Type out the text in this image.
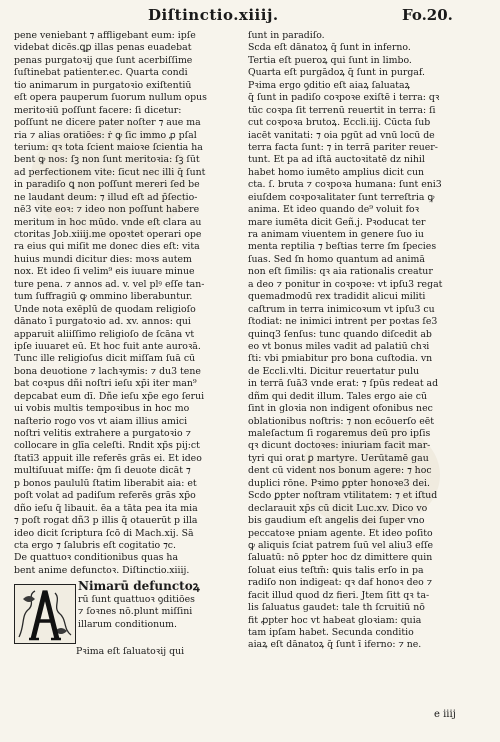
Diſtinctio.xiiij.	Fo.20.
pene veniebant ⁊ affligebant eum: ipſe
videbat dicēs.ꝗꝑ illas penas euadebat
penas purgatoꝛij que ſunt acerbiſſime
ſuſtinebat patienter.ec. Quarta condi
tio animarum in purgatoꝛio exiſtentiū
eſt opera pauperum ſuorum nullum opus
meritoꝛiū poſſunt facere: ſi dicetur:
poſſunt ne dicere pater noſter ⁊ aue ma
ria ⁊ alias oratiōes: ṙ ꝙ ſic immo ꝓ pſal
terium: qꝛ tota ſcient maioꝛe ſcientia ha
bent ꝙ nos: ſꝫ non ſunt meritoꝛia: ſꝫ ſūt
ad perfectionem vite: ſicut nec illi q̄ ſunt
in paradiſo ꝗ non poſſunt mereri ſed be
ne laudant deum: ⁊ illud eſt ad p̄ſectio-
nē3 vite eoꝛ: ⁊ ideo non poſſunt habere
meritum in hoc mūdo. vnde eſt clara au
ctoritas Job.xiiij.me opoꝛtet operari ope
ra eius qui miſit me donec dies eſt: vita
huius mundi dicitur dies: moꝛs autem
nox. Et ideo ſi velim⁹ eis iuuare minue
ture pena. ⁊ annos ad. v. vel plꝰ eſſe tan-
tum ſuffragiū ꝙ ommino liberabuntur.
Unde nota exēplū de quodam religioſo
dānato ī purgatoꝛio ad. xv. annos: qui
apparuit aliiſſimo religioſo de ſcāna vt
ipſe iuuaret eū. Et hoc fuit ante auroꝛā.
Tunc ille religioſus dicit miſſam ſuā cū
bona deuotione ⁊ lachꝛymis: ⁊ du3 tene
bat coꝛpus dñi noſtri ieſu xp̄i iter man⁹
depcabat eum dī. Dñe ieſu xp̄e ego ſerui
ui vobis multis tempoꝛibus in hoc mo
naſterio rogo vos vt aiam illius amici
noſtri velitis extrahere a purgatoꝛio ⁊
collocare in glīa celeſti. Rndit xp̄s pij:ct
ſtatī3 appuit ille referēs grās ei. Et ideo
multiſuuat miſſe: q̄m ſi deuote dicāt ⁊
p bonos paululū ſtatim liberabit aia: et
poſt volat ad padiſum referēs grās xp̄o
dño ieſu q̄ libauit. ēa a tāta pea ita mia
⁊ poſt rogat dñ3 p illis q̄ otauerūt p illa
ideo dicit ſcriptura ſcō di Mach.xij. Sā
cta ergo ⁊ ſalubris eſt cogitatio ⁊c.
De quattuoꝛ conditionibus quas ha
bent anime defunctoꝛ. Diſtinctio.xiiij.
Nimarū defunctoꝝ
rū ſunt quattuoꝛ ꝯditiōes
⁊ ſoꝛnes nō.plunt miſſini
illarum conditionum.
Pꝛima eſt ſaluatoꝛij qui
ſunt in paradiſo.
Scda eſt dānatoꝝ q̄ ſunt in inferno.
Tertia eſt pueroꝝ qui ſunt in limbo.
Quarta eſt purgādoꝝ q̄ ſunt in purgaf.
Pꝛima ergo ꝯditio eſt aiaꝝ ſaluataꝝ
q̄ ſunt in padiſo coꝛpoꝛe exiſtē i terra: qꝛ
tūc coꝛpa ſit terrenū reuertit in terra: ſi
cut coꝛpoꝛa brutoꝝ. Eccli.iij. Cūcta ſub
iacēt vanitati: ⁊ oia pgūt ad vnū locū de
terra facta ſunt: ⁊ in terrā pariter reuer-
tunt. Et pa ad iſtā auctoꝛitatē dz nihil
habet homo iumēto amplius dicit cun
cta. ſ. bruta ⁊ coꝛpoꝛa humana: ſunt eni3
eiuſdem coꝛpoꝛalitater ſunt terreſtria ꝙ
anima. Et ideo quando de⁹ voluit foꝛ
mare iumēta dicit Geñ.j. Pꝛoducat ter
ra animam viuentem in genere ſuo iu
menta reptilia ⁊ beſtias terre ſm ſpecies
ſuas. Sed ſn homo quantum ad animā
non eſt ſimilis: qꝛ aia rationalis creatur
a deo ⁊ ponitur in coꝛpoꝛe: vt ipſu3 regat
quemadmodū rex tradidit alicui militi
caſtrum in terra inimicoꝛum vt ipſu3 cu
ſtodiat: ne inimici intrent per poꝛtas ſe3
quinq3 ſenſus: tunc quando diſcedit ab
eo vt bonus miles vadit ad palatiū chꝛi
ſti: vbi pmiabitur pro bona cuſtodia. vn
de Eccli.vlti. Dicitur reuertatur pulu
in terrā ſuā3 vnde erat: ⁊ ſpūs redeat ad
dñm qui dedit illum. Tales ergo aie cū
ſint in gloꝛia non indigent ofonibus nec
oblationibus noſtris: ⁊ non ecōuerſo eēt
maleſactum ſi rogaremus deū pro ipſis
qꝛ dicunt doctoꝛes: iniuriam facit mar-
tyri qui orat ꝑ martyre. Uerūtamē gau
dent cū vident nos bonum agere: ⁊ hoc
duplici rōne. Pꝛimo ꝑpter honoꝛe3 dei.
Scdo ꝑpter noſtram vtilitatem: ⁊ et iſtud
declarauit xp̄s cū dicit Luc.xv. Dico vo
bis gaudium eſt angelis dei ſuper vno
peccatoꝛe pniam agente. Et ideo poſito
ꝙ aliquis ſciat patrem ſuū vel aliu3 eſſe
ſaluatū: nō ꝑpter hoc dz dimittere quin
ſoluat eius teſtm̄: ꝗuis talis erſo in pa
radiſo non indigeat: qꝛ daf honoꝛ deo ⁊
facit illud quod dz fieri. Jtem ſitt qꝛ ta-
lis ſaluatus gaudet: tale th ſcruitiū nō
fit ꝓpter hoc vt habeat gloꝛiam: quia
tam ipſam habet. Secunda conditio
aiaꝝ eſt dānatoꝝ q̄ ſunt ī iferno: ⁊ ne.
e iiij
